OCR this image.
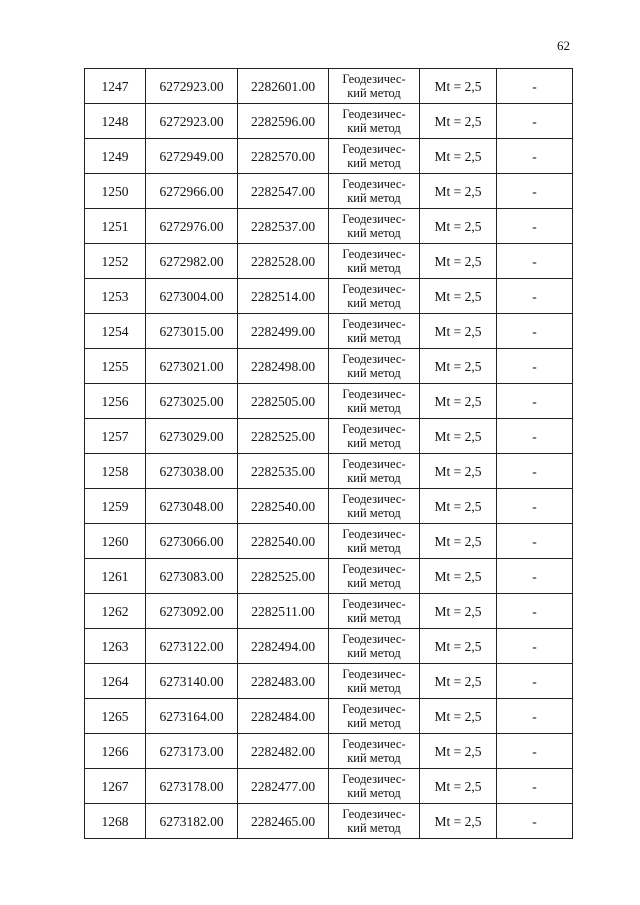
62
1247	6272923.00	2282601.00	Геодезичес-
кий метод	Mt = 2,5	-
1248	6272923.00	2282596.00	Геодезичес-
кий метод	Mt = 2,5	-
1249	6272949.00	2282570.00	Геодезичес-
кий метод	Mt = 2,5	-
1250	6272966.00	2282547.00	Геодезичес-
кий метод	Mt = 2,5	-
1251	6272976.00	2282537.00	Геодезичес-
кий метод	Mt = 2,5	-
1252	6272982.00	2282528.00	Геодезичес-
кий метод	Mt = 2,5	-
1253	6273004.00	2282514.00	Геодезичес-
кий метод	Mt = 2,5	-
1254	6273015.00	2282499.00	Геодезичес-
кий метод	Mt = 2,5	-
1255	6273021.00	2282498.00	Геодезичес-
кий метод	Mt = 2,5	-
1256	6273025.00	2282505.00	Геодезичес-
кий метод	Mt = 2,5	-
1257	6273029.00	2282525.00	Геодезичес-
кий метод	Mt = 2,5	-
1258	6273038.00	2282535.00	Геодезичес-
кий метод	Mt = 2,5	-
1259	6273048.00	2282540.00	Геодезичес-
кий метод	Mt = 2,5	-
1260	6273066.00	2282540.00	Геодезичес-
кий метод	Mt = 2,5	-
1261	6273083.00	2282525.00	Геодезичес-
кий метод	Mt = 2,5	-
1262	6273092.00	2282511.00	Геодезичес-
кий метод	Mt = 2,5	-
1263	6273122.00	2282494.00	Геодезичес-
кий метод	Mt = 2,5	-
1264	6273140.00	2282483.00	Геодезичес-
кий метод	Mt = 2,5	-
1265	6273164.00	2282484.00	Геодезичес-
кий метод	Mt = 2,5	-
1266	6273173.00	2282482.00	Геодезичес-
кий метод	Mt = 2,5	-
1267	6273178.00	2282477.00	Геодезичес-
кий метод	Mt = 2,5	-
1268	6273182.00	2282465.00	Геодезичес-
кий метод	Mt = 2,5	-
